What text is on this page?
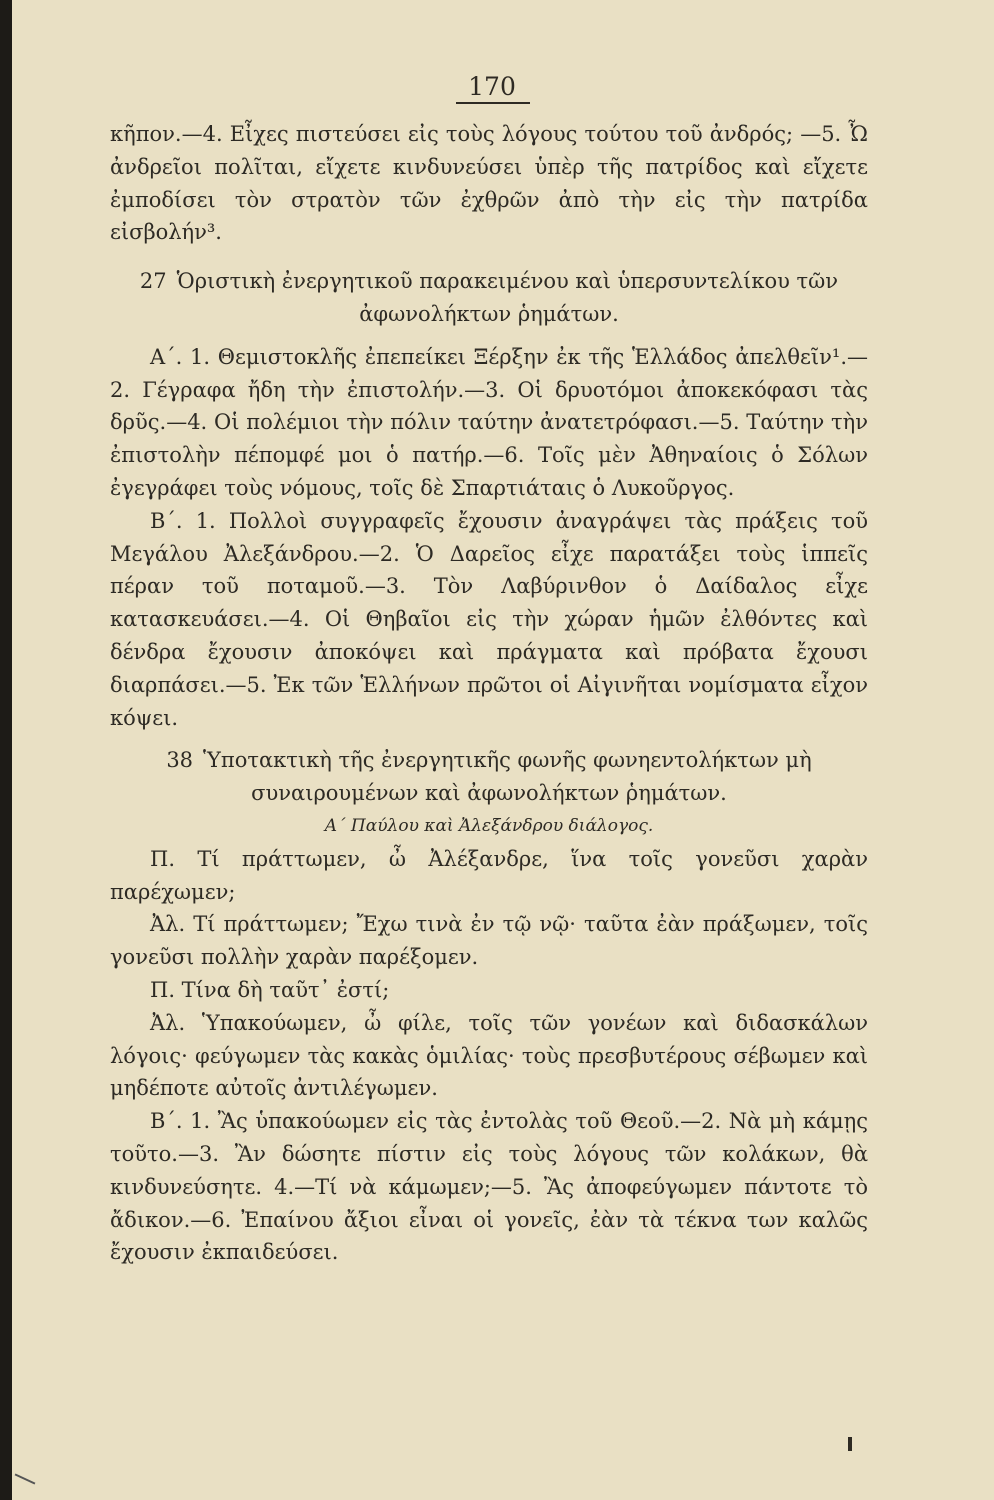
170

κῆπον.—4. Εἶχες πιστεύσει εἰς τοὺς λόγους τούτου τοῦ ἀνδρός; —5. Ὦ ἀνδρεῖοι πολῖται, εἴχετε κινδυνεύσει ὑπὲρ τῆς πατρίδος καὶ εἴχετε ἐμποδίσει τὸν στρατὸν τῶν ἐχθρῶν ἀπὸ τὴν εἰς τὴν πατρίδα εἰσβολήν³.

27 Ὁριστικὴ ἐνεργητικοῦ παρακειμένου καὶ ὑπερσυντελίκου τῶν

ἀφωνολήκτων ῥημάτων.

Α΄. 1. Θεμιστοκλῆς ἐπεπείκει Ξέρξην ἐκ τῆς Ἑλλάδος ἀπελθεῖν¹.—2. Γέγραφα ἤδη τὴν ἐπιστολήν.—3. Οἱ δρυοτόμοι ἀποκεκόφασι τὰς δρῦς.—4. Οἱ πολέμιοι τὴν πόλιν ταύτην ἀνατετρόφασι.—5. Ταύτην τὴν ἐπιστολὴν πέπομφέ μοι ὁ πατήρ.—6. Τοῖς μὲν Ἀθηναίοις ὁ Σόλων ἐγεγράφει τοὺς νόμους, τοῖς δὲ Σπαρτιάταις ὁ Λυκοῦργος.

Β΄. 1. Πολλοὶ συγγραφεῖς ἔχουσιν ἀναγράψει τὰς πράξεις τοῦ Μεγάλου Ἀλεξάνδρου.—2. Ὁ Δαρεῖος εἶχε παρατάξει τοὺς ἱππεῖς πέραν τοῦ ποταμοῦ.—3. Τὸν Λαβύρινθον ὁ Δαίδαλος εἶχε κατασκευάσει.—4. Οἱ Θηβαῖοι εἰς τὴν χώραν ἡμῶν ἐλθόντες καὶ δένδρα ἔχουσιν ἀποκόψει καὶ πράγματα καὶ πρόβατα ἔχουσι διαρπάσει.—5. Ἐκ τῶν Ἑλλήνων πρῶτοι οἱ Αἰγινῆται νομίσματα εἶχον κόψει.

38 Ὑποτακτικὴ τῆς ἐνεργητικῆς φωνῆς φωνηεντολήκτων μὴ

συναιρουμένων καὶ ἀφωνολήκτων ῥημάτων.

Α΄ Παύλου καὶ Ἀλεξάνδρου διάλογος.

Π. Τί πράττωμεν, ὦ Ἀλέξανδρε, ἵνα τοῖς γονεῦσι χαρὰν παρέχωμεν;

Ἀλ. Τί πράττωμεν; Ἔχω τινὰ ἐν τῷ νῷ· ταῦτα ἐὰν πράξωμεν, τοῖς γονεῦσι πολλὴν χαρὰν παρέξομεν.

Π. Τίνα δὴ ταῦτ᾽ ἐστί;

Ἀλ. Ὑπακούωμεν, ὦ φίλε, τοῖς τῶν γονέων καὶ διδασκάλων λόγοις· φεύγωμεν τὰς κακὰς ὁμιλίας· τοὺς πρεσβυτέρους σέβωμεν καὶ μηδέποτε αὐτοῖς ἀντιλέγωμεν.

Β΄. 1. Ἂς ὑπακούωμεν εἰς τὰς ἐντολὰς τοῦ Θεοῦ.—2. Νὰ μὴ κάμῃς τοῦτο.—3. Ἂν δώσητε πίστιν εἰς τοὺς λόγους τῶν κολάκων, θὰ κινδυνεύσητε. 4.—Τί νὰ κάμωμεν;—5. Ἂς ἀποφεύγωμεν πάντοτε τὸ ἄδικον.—6. Ἐπαίνου ἄξιοι εἶναι οἱ γονεῖς, ἐὰν τὰ τέκνα των καλῶς ἔχουσιν ἐκπαιδεύσει.
